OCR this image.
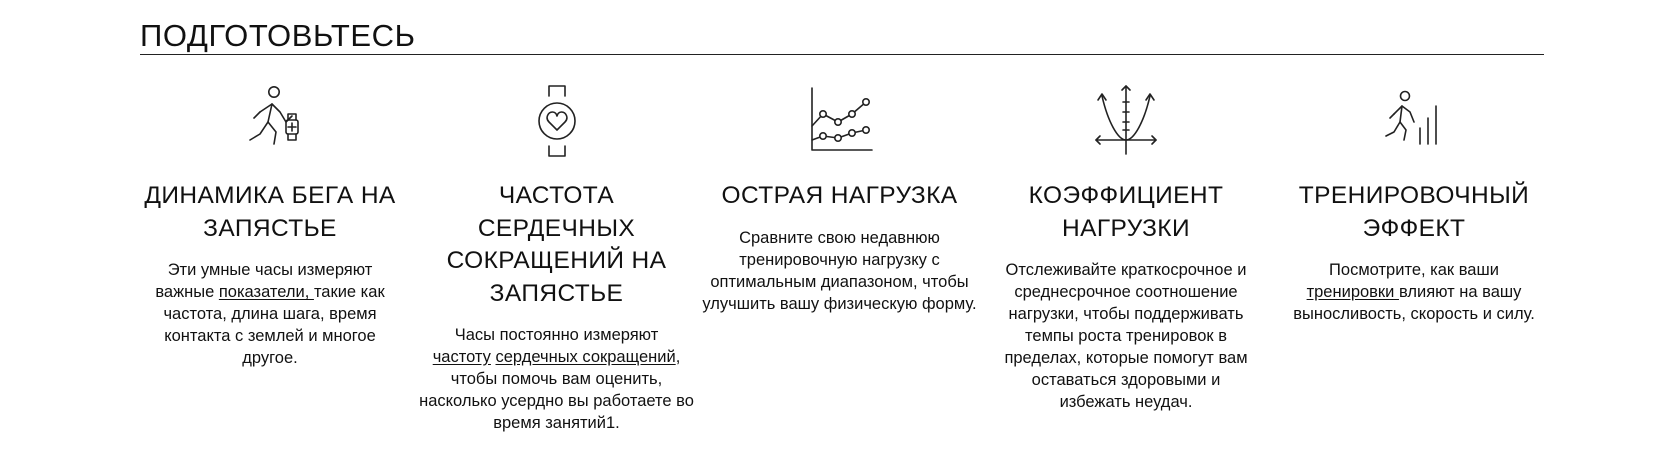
ПОДГОТОВЬТЕСЬ
ДИНАМИКА БЕГА НА ЗАПЯСТЬЕ

Эти умные часы измеряют важные показатели, такие как частота, длина шага, время контакта с землей и многое другое.

ЧАСТОТА СЕРДЕЧНЫХ СОКРАЩЕНИЙ НА ЗАПЯСТЬЕ

Часы постоянно измеряют
частоту сердечных сокращений, чтобы помочь вам оценить, насколько усердно вы работаете во время занятий1.

ОСТРАЯ НАГРУЗКА

Сравните свою недавнюю тренировочную нагрузку с оптимальным диапазоном, чтобы улучшить вашу физическую форму.

КОЭФФИЦИЕНТ НАГРУЗКИ

Отслеживайте краткосрочное и среднесрочное соотношение нагрузки, чтобы поддерживать темпы роста тренировок в пределах, которые помогут вам оставаться здоровыми и избежать неудач.

ТРЕНИРОВОЧНЫЙ ЭФФЕКТ

Посмотрите, как ваши
тренировки влияют на вашу выносливость, скорость и силу.
